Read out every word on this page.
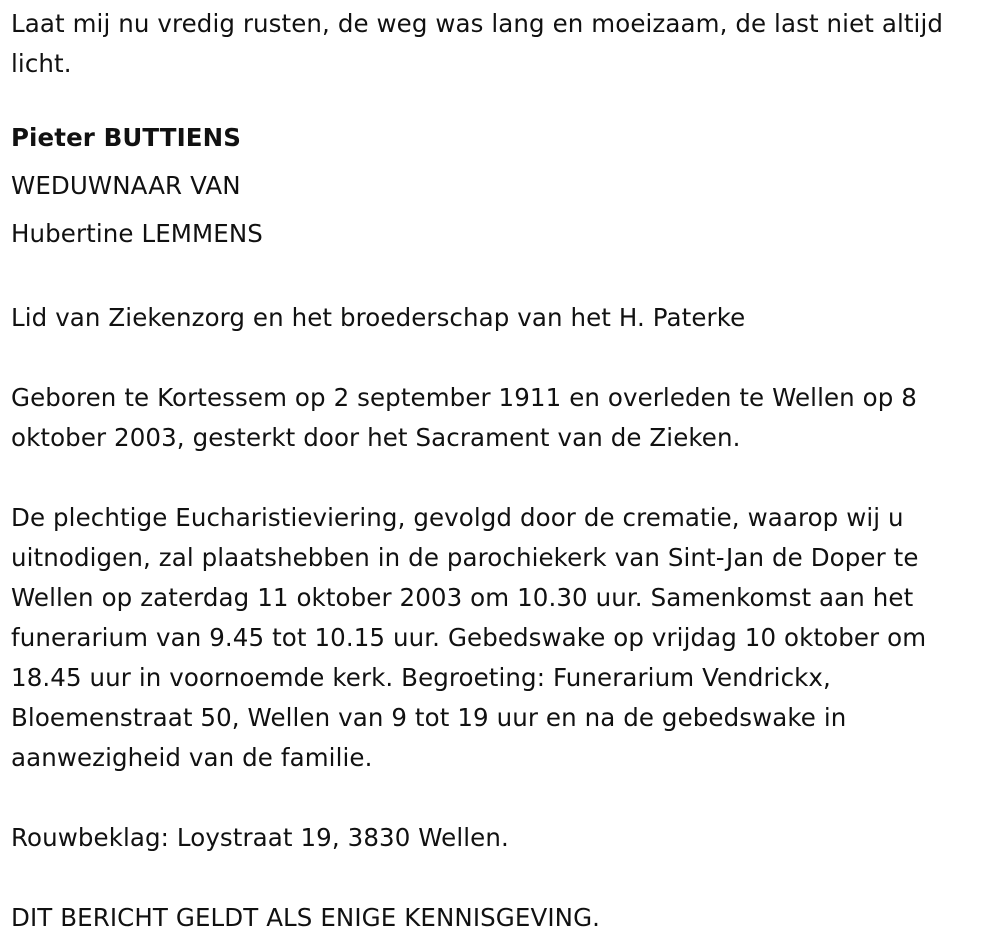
Laat mij nu vredig rusten, de weg was lang en moeizaam, de last niet altijd licht.

Pieter BUTTIENS

WEDUWNAAR VAN

Hubertine LEMMENS

Lid van Ziekenzorg en het broederschap van het H. Paterke

Geboren te Kortessem op 2 september 1911 en overleden te Wellen op 8 oktober 2003, gesterkt door het Sacrament van de Zieken.

De plechtige Eucharistieviering, gevolgd door de crematie, waarop wij u uitnodigen, zal plaatshebben in de parochiekerk van Sint-Jan de Doper te Wellen op zaterdag 11 oktober 2003 om 10.30 uur. Samenkomst aan het funerarium van 9.45 tot 10.15 uur. Gebedswake op vrijdag 10 oktober om 18.45 uur in voornoemde kerk. Begroeting: Funerarium Vendrickx, Bloemenstraat 50, Wellen van 9 tot 19 uur en na de gebedswake in aanwezigheid van de familie.

Rouwbeklag: Loystraat 19, 3830 Wellen.

DIT BERICHT GELDT ALS ENIGE KENNISGEVING.
